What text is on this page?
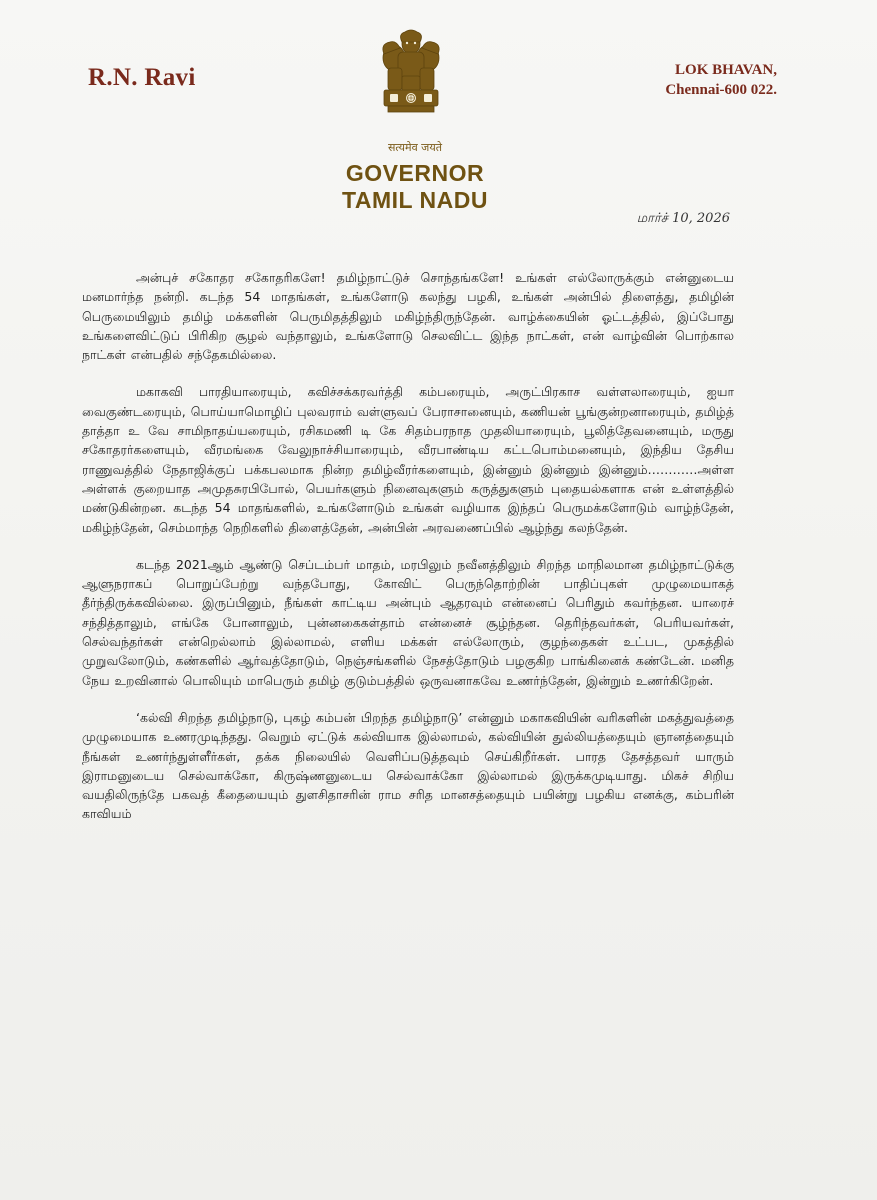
R.N. Ravi	LOK BHAVAN,
Chennai-600 022.
सत्यमेव जयते
GOVERNOR
TAMIL NADU
மார்ச் 10, 2026

அன்புச் சகோதர சகோதரிகளே! தமிழ்நாட்டுச் சொந்தங்களே! உங்கள் எல்லோருக்கும் என்னுடைய மனமார்ந்த நன்றி. கடந்த 54 மாதங்கள், உங்களோடு கலந்து பழகி, உங்கள் அன்பில் திளைத்து, தமிழின் பெருமையிலும் தமிழ் மக்களின் பெருமிதத்திலும் மகிழ்ந்திருந்தேன். வாழ்க்கையின் ஓட்டத்தில், இப்போது உங்களைவிட்டுப் பிரிகிற சூழல் வந்தாலும், உங்களோடு செலவிட்ட இந்த நாட்கள், என் வாழ்வின் பொற்கால நாட்கள் என்பதில் சந்தேகமில்லை.

மகாகவி பாரதியாரையும், கவிச்சக்கரவர்த்தி கம்பரையும், அருட்பிரகாச வள்ளலாரையும், ஐயா வைகுண்டரையும், பொய்யாமொழிப் புலவராம் வள்ளுவப் பேராசானையும், கணியன் பூங்குன்றனாரையும், தமிழ்த் தாத்தா உ வே சாமிநாதய்யரையும், ரசிகமணி டி கே சிதம்பரநாத முதலியாரையும், பூலித்தேவனையும், மருது சகோதரர்களையும், வீரமங்கை வேலுநாச்சியாரையும், வீரபாண்டிய கட்டபொம்மனையும், இந்திய தேசிய ராணுவத்தில் நேதாஜிக்குப் பக்கபலமாக நின்ற தமிழ்வீரர்களையும், இன்னும் இன்னும் இன்னும்…………அள்ள அள்ளக் குறையாத அமுதசுரபிபோல், பெயர்களும் நினைவுகளும் கருத்துகளும் புதையல்களாக என் உள்ளத்தில் மண்டுகின்றன. கடந்த 54 மாதங்களில், உங்களோடும் உங்கள் வழியாக இந்தப் பெருமக்களோடும் வாழ்ந்தேன், மகிழ்ந்தேன், செம்மாந்த நெறிகளில் திளைத்தேன், அன்பின் அரவணைப்பில் ஆழ்ந்து கலந்தேன்.

கடந்த 2021ஆம் ஆண்டு செப்டம்பர் மாதம், மரபிலும் நவீனத்திலும் சிறந்த மாநிலமான தமிழ்நாட்டுக்கு ஆளுநராகப் பொறுப்பேற்று வந்தபோது, கோவிட் பெருந்தொற்றின் பாதிப்புகள் முழுமையாகத் தீர்ந்திருக்கவில்லை. இருப்பினும், நீங்கள் காட்டிய அன்பும் ஆதரவும் என்னைப் பெரிதும் கவர்ந்தன. யாரைச் சந்தித்தாலும், எங்கே போனாலும், புன்னகைகள்தாம் என்னைச் சூழ்ந்தன. தெரிந்தவர்கள், பெரியவர்கள், செல்வந்தர்கள் என்றெல்லாம் இல்லாமல், எளிய மக்கள் எல்லோரும், குழந்தைகள் உட்பட, முகத்தில் முறுவலோடும், கண்களில் ஆர்வத்தோடும், நெஞ்சங்களில் நேசத்தோடும் பழகுகிற பாங்கினைக் கண்டேன். மனித நேய உறவினால் பொலியும் மாபெரும் தமிழ் குடும்பத்தில் ஒருவனாகவே உணர்ந்தேன், இன்றும் உணர்கிறேன்.

‘கல்வி சிறந்த தமிழ்நாடு, புகழ் கம்பன் பிறந்த தமிழ்நாடு’ என்னும் மகாகவியின் வரிகளின் மகத்துவத்தை முழுமையாக உணரமுடிந்தது. வெறும் ஏட்டுக் கல்வியாக இல்லாமல், கல்வியின் துல்லியத்தையும் ஞானத்தையும் நீங்கள் உணர்ந்துள்ளீர்கள், தக்க நிலையில் வெளிப்படுத்தவும் செய்கிறீர்கள். பாரத தேசத்தவர் யாரும் இராமனுடைய செல்வாக்கோ, கிருஷ்ணனுடைய செல்வாக்கோ இல்லாமல் இருக்கமுடியாது. மிகச் சிறிய வயதிலிருந்தே பகவத் கீதையையும் துளசிதாசரின் ராம சரித மானசத்தையும் பயின்று பழகிய எனக்கு, கம்பரின் காவியம்
